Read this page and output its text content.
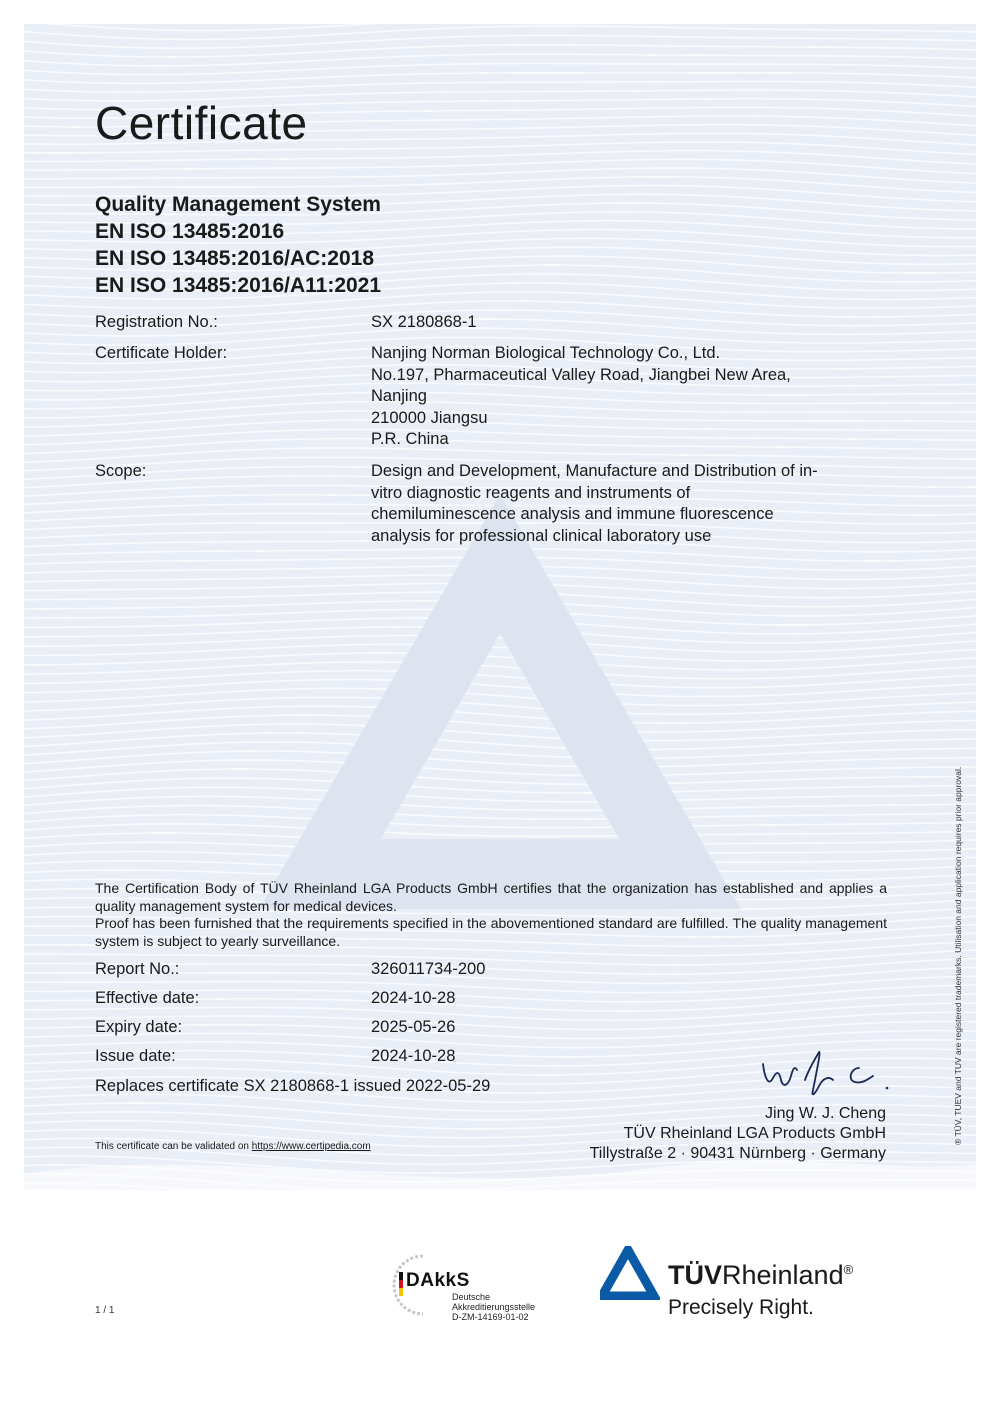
Certificate
Quality Management System
EN ISO 13485:2016
EN ISO 13485:2016/AC:2018
EN ISO 13485:2016/A11:2021
Registration No.:	SX 2180868-1
Certificate Holder:	Nanjing Norman Biological Technology Co., Ltd.
No.197, Pharmaceutical Valley Road, Jiangbei New Area,
Nanjing
210000 Jiangsu
P.R. China
Scope:	Design and Development, Manufacture and Distribution of in-
vitro diagnostic reagents and instruments of
chemiluminescence analysis and immune fluorescence
analysis for professional clinical laboratory use
The Certification Body of TÜV Rheinland LGA Products GmbH certifies that the organization has established and applies a quality management system for medical devices.
Proof has been furnished that the requirements specified in the abovementioned standard are fulfilled. The quality management system is subject to yearly surveillance.
Report No.:	326011734-200
Effective date:	2024-10-28
Expiry date:	2025-05-26
Issue date:	2024-10-28
Replaces certificate SX 2180868-1 issued 2022-05-29
This certificate can be validated on https://www.certipedia.com
Jing W. J. Cheng
TÜV Rheinland LGA Products GmbH
Tillystraße 2 · 90431 Nürnberg · Germany
® TÜV, TUEV and TUV are registered trademarks. Utilisation and application requires prior approval.
1 / 1
DAkkS
Deutsche
Akkreditierungsstelle
D-ZM-14169-01-02
TÜVRheinland®
Precisely Right.
